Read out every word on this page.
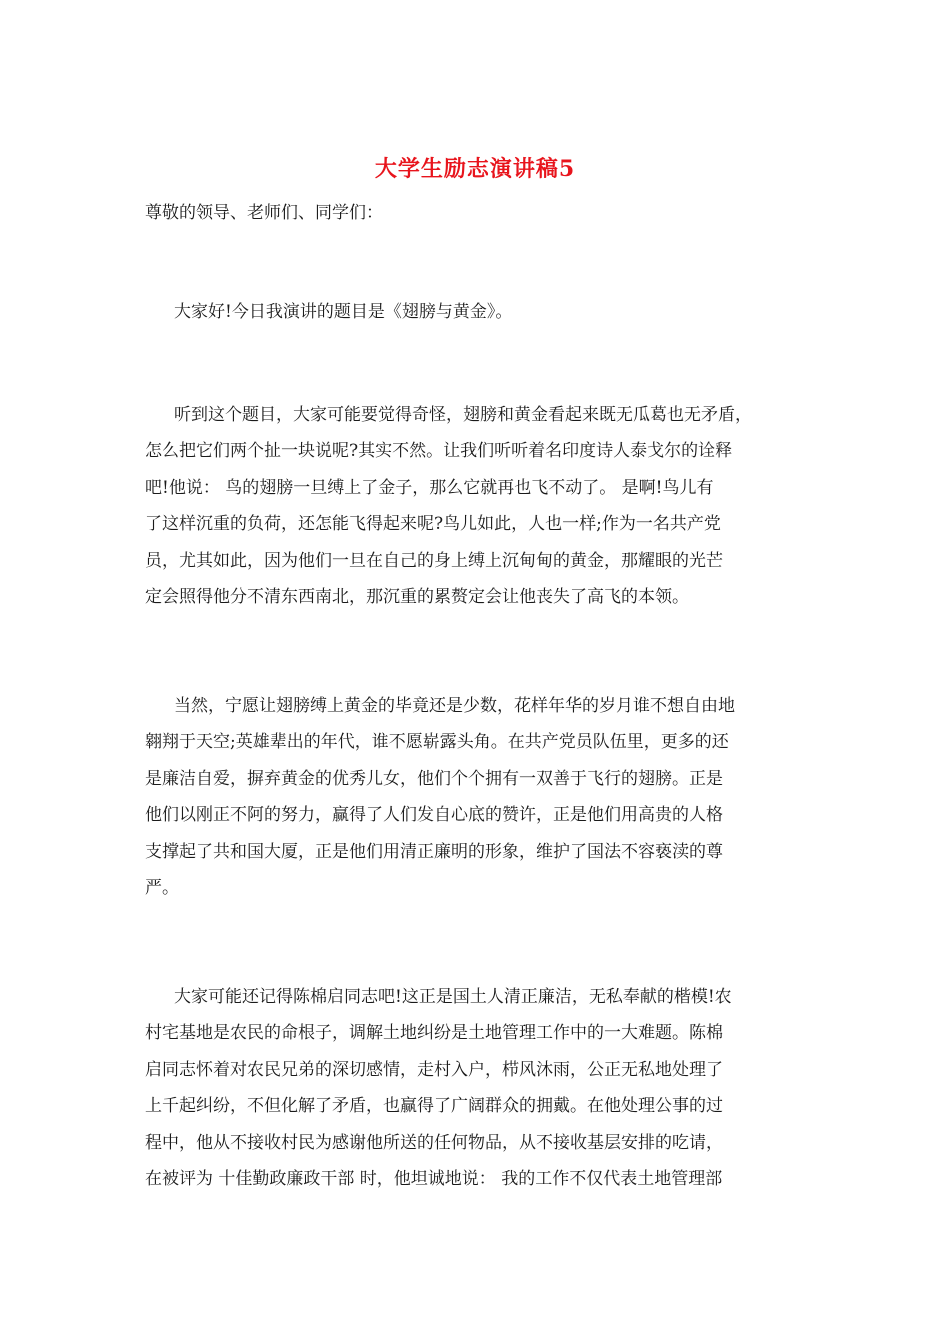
大学生励志演讲稿5

尊敬的领导、老师们、同学们：

大家好!今日我演讲的题目是《翅膀与黄金》。
听到这个题目，大家可能要觉得奇怪，翅膀和黄金看起来既无瓜葛也无矛盾，
怎么把它们两个扯一块说呢?其实不然。让我们听听着名印度诗人泰戈尔的诠释
吧!他说： 鸟的翅膀一旦缚上了金子，那么它就再也飞不动了。 是啊!鸟儿有
了这样沉重的负荷，还怎能飞得起来呢?鸟儿如此，人也一样;作为一名共产党
员，尤其如此，因为他们一旦在自己的身上缚上沉甸甸的黄金，那耀眼的光芒
定会照得他分不清东西南北，那沉重的累赘定会让他丧失了高飞的本领。
当然，宁愿让翅膀缚上黄金的毕竟还是少数，花样年华的岁月谁不想自由地
翱翔于天空;英雄辈出的年代，谁不愿崭露头角。在共产党员队伍里，更多的还
是廉洁自爱，摒弃黄金的优秀儿女，他们个个拥有一双善于飞行的翅膀。正是
他们以刚正不阿的努力，赢得了人们发自心底的赞许，正是他们用高贵的人格
支撑起了共和国大厦，正是他们用清正廉明的形象，维护了国法不容亵渎的尊
严。
大家可能还记得陈棉启同志吧!这正是国土人清正廉洁，无私奉献的楷模!农
村宅基地是农民的命根子，调解土地纠纷是土地管理工作中的一大难题。陈棉
启同志怀着对农民兄弟的深切感情，走村入户，栉风沐雨，公正无私地处理了
上千起纠纷，不但化解了矛盾，也赢得了广阔群众的拥戴。在他处理公事的过
程中，他从不接收村民为感谢他所送的任何物品，从不接收基层安排的吃请，
在被评为 十佳勤政廉政干部 时，他坦诚地说： 我的工作不仅代表土地管理部
